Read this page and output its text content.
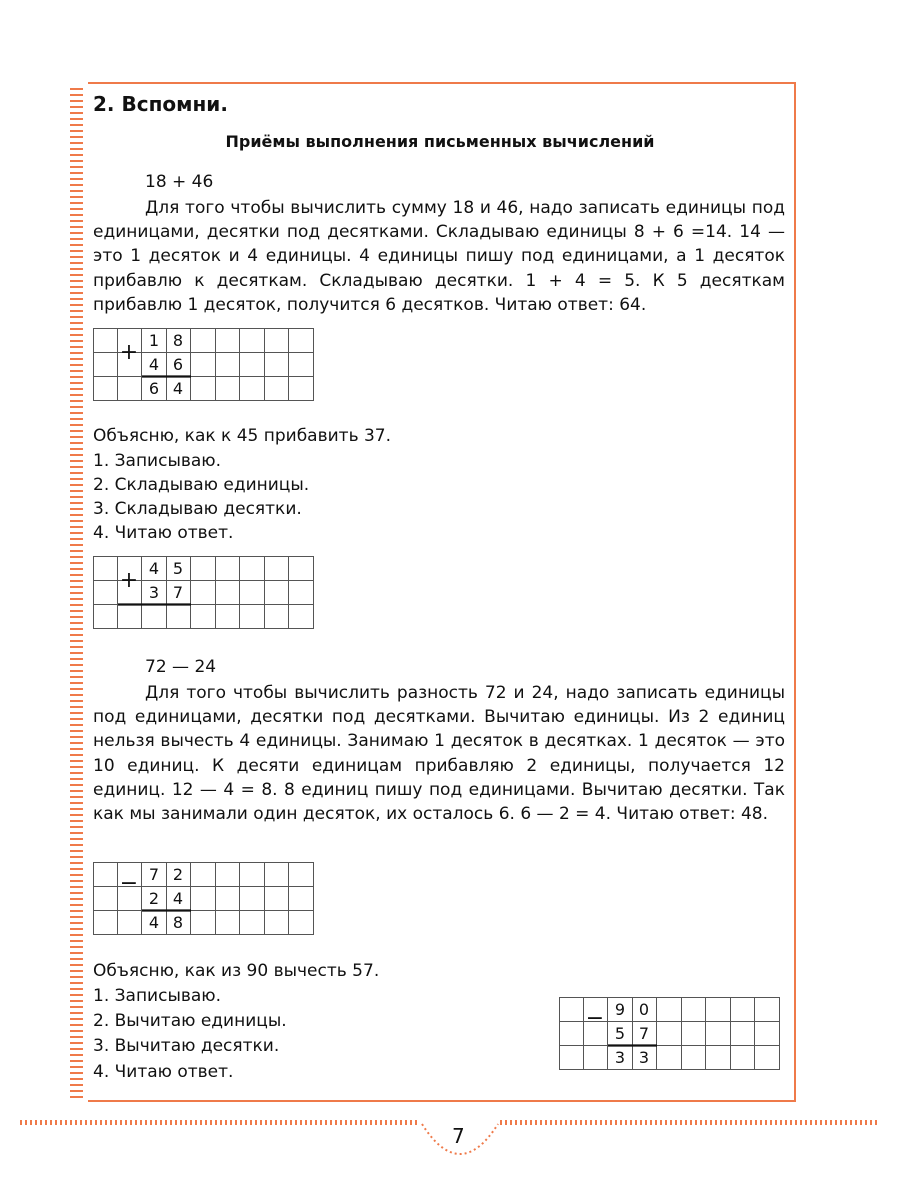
2. Вспомни.
Приёмы выполнения письменных вычислений
18 + 46

Для того чтобы вычислить сумму 18 и 46, надо записать единицы под единицами, десятки под десятками. Складываю единицы 8 + 6 =14. 14 — это 1 десяток и 4 единицы. 4 единицы пишу под единицами, а 1 десяток прибавлю к десяткам. Складываю десятки. 1 + 4 = 5. К 5 десяткам прибавлю 1 десяток, получится 6 десятков. Читаю ответ: 64.

+ 1 8
4 6
6 4
Объясню, как к 45 прибавить 37.
1. Записываю.
2. Складываю единицы.
3. Складываю десятки.
4. Читаю ответ.
+ 4 5
3 7
72 — 24

Для того чтобы вычислить разность 72 и 24, надо записать единицы под единицами, десятки под десятками. Вычитаю единицы. Из 2 единиц нельзя вычесть 4 единицы. Занимаю 1 десяток в десятках. 1 десяток — это 10 единиц. К десяти единицам прибавляю 2 единицы, получается 12 единиц. 12 — 4 = 8. 8 единиц пишу под единицами. Вычитаю десятки. Так как мы занимали один десяток, их осталось 6. 6 — 2 = 4. Читаю ответ: 48.

− 7 2
2 4
4 8
Объясню, как из 90 вычесть 57.
1. Записываю.
2. Вычитаю единицы.
3. Вычитаю десятки.
4. Читаю ответ.
− 9 0
5 7
3 3
7
